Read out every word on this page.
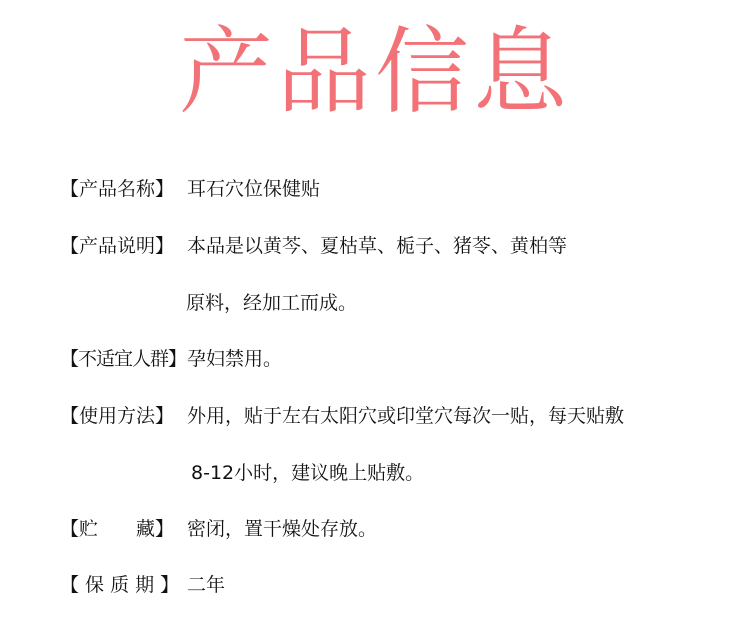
产品信息
【产品名称】 耳石穴位保健贴
【产品说明】 本品是以黄芩、夏枯草、栀子、猪苓、黄柏等
原料，经加工而成。
【不适宜人群】孕妇禁用。
【使用方法】 外用，贴于左右太阳穴或印堂穴每次一贴，每天贴敷
8-12小时，建议晚上贴敷。
【贮　　藏】 密闭，置干燥处存放。
【 保 质 期 】 二年
